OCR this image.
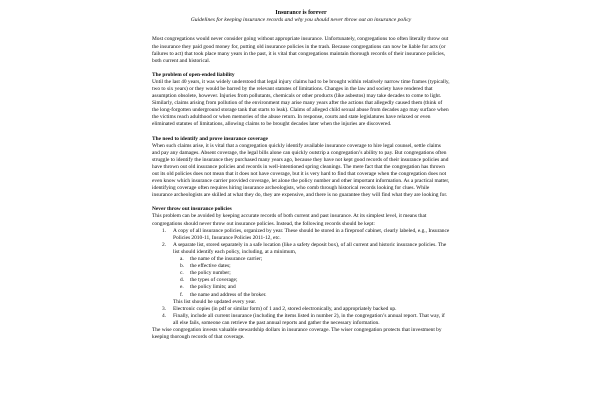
Insurance is forever
Guidelines for keeping insurance records and why you should never throw out an insurance policy

Most congregations would never consider going without appropriate insurance. Unfortunately, congregations too often literally throw out the insurance they paid good money for, putting old insurance policies in the trash. Because congregations can now be liable for acts (or failures to act) that took place many years in the past, it is vital that congregations maintain thorough records of their insurance policies, both current and historical.

The problem of open-ended liability

Until the last 40 years, it was widely understood that legal injury claims had to be brought within relatively narrow time frames (typically, two to six years) or they would be barred by the relevant statutes of limitations. Changes in the law and society have rendered that assumption obsolete, however. Injuries from pollutants, chemicals or other products (like asbestos) may take decades to come to light. Similarly, claims arising from pollution of the environment may arise many years after the actions that allegedly caused them (think of the long-forgotten underground storage tank that starts to leak). Claims of alleged child sexual abuse from decades ago may surface when the victims reach adulthood or when memories of the abuse return. In response, courts and state legislatures have relaxed or even eliminated statutes of limitations, allowing claims to be brought decades later when the injuries are discovered.

The need to identify and prove insurance coverage

When such claims arise, it is vital that a congregation quickly identify available insurance coverage to hire legal counsel, settle claims and pay any damages. Absent coverage, the legal bills alone can quickly outstrip a congregation’s ability to pay. But congregations often struggle to identify the insurance they purchased many years ago, because they have not kept good records of their insurance policies and have thrown out old insurance policies and records in well-intentioned spring cleanings. The mere fact that the congregation has thrown out its old policies does not mean that it does not have coverage, but it is very hard to find that coverage when the congregation does not even know which insurance carrier provided coverage, let alone the policy number and other important information. As a practical matter, identifying coverage often requires hiring insurance archeologists, who comb through historical records looking for clues. While insurance archeologists are skilled at what they do, they are expensive, and there is no guarantee they will find what they are looking for.

Never throw out insurance policies

This problem can be avoided by keeping accurate records of both current and past insurance. At its simplest level, it means that congregations should never throw out insurance policies. Instead, the following records should be kept:

1.	A copy of all insurance policies, organized by year. These should be stored in a fireproof cabinet, clearly labeled, e.g., Insurance Policies 2010-11, Insurance Policies 2011-12, etc.
2.	A separate list, stored separately in a safe location (like a safety deposit box), of all current and historic insurance policies. The list should identify each policy, including, at a minimum,
a.	the name of the insurance carrier;
b.	the effective dates;
c.	the policy number;
d.	the types of coverage;
e.	the policy limits; and
f.	the name and address of the broker.
This list should be updated every year.
3.	Electronic copies (in pdf or similar form) of 1 and 2, stored electronically, and appropriately backed up.
4.	Finally, include all current insurance (including the items listed in number 2), in the congregation’s annual report. That way, if all else fails, someone can retrieve the past annual reports and gather the necessary information.

The wise congregation invests valuable stewardship dollars in insurance coverage. The wiser congregation protects that investment by keeping thorough records of that coverage.
